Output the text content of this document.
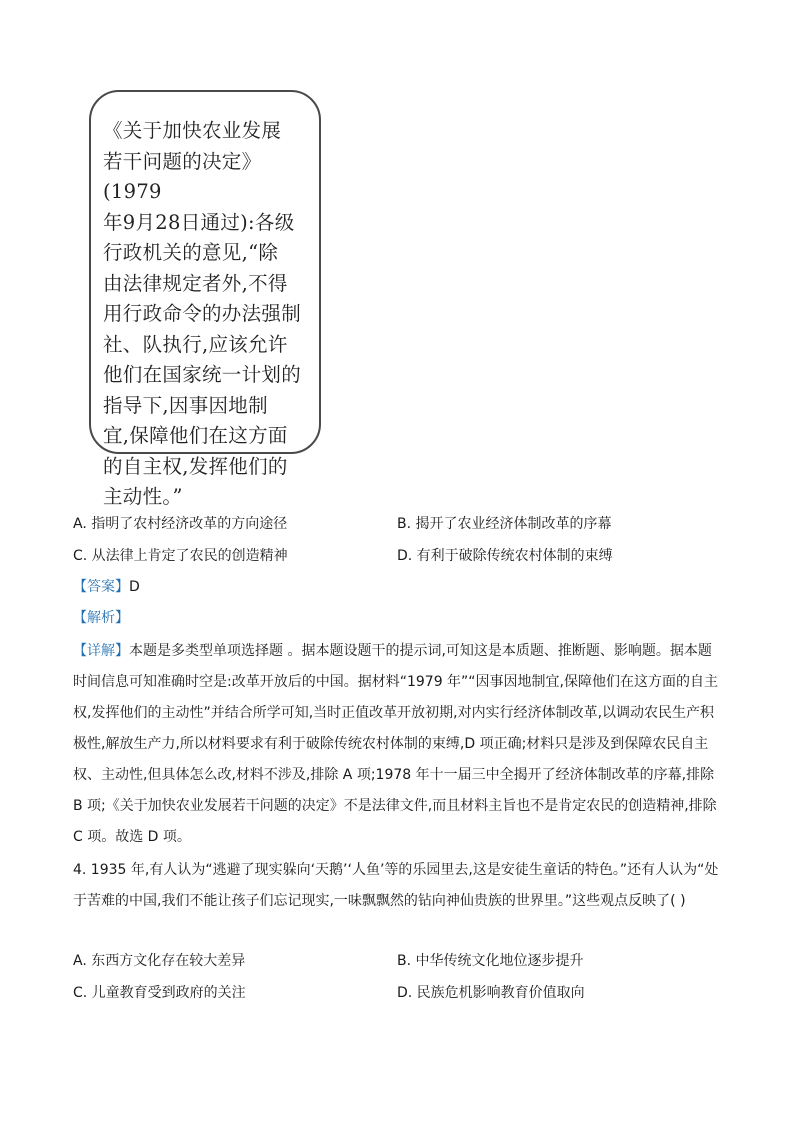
《关于加快农业发展
若干问题的决定》(1979
年9月28日通过):各级
行政机关的意见,“除
由法律规定者外,不得
用行政命令的办法强制
社、队执行,应该允许
他们在国家统一计划的
指导下,因事因地制
宜,保障他们在这方面
的自主权,发挥他们的
主动性。”

A. 指明了农村经济改革的方向途径	B. 揭开了农业经济体制改革的序幕
C. 从法律上肯定了农民的创造精神	D. 有利于破除传统农村体制的束缚
【答案】D
【解析】

【详解】本题是多类型单项选择题 。据本题设题干的提示词,可知这是本质题、推断题、影响题。据本题时间信息可知准确时空是:改革开放后的中国。据材料“1979 年”“因事因地制宜,保障他们在这方面的自主权,发挥他们的主动性”并结合所学可知,当时正值改革开放初期,对内实行经济体制改革,以调动农民生产积极性,解放生产力,所以材料要求有利于破除传统农村体制的束缚,D 项正确;材料只是涉及到保障农民自主权、主动性,但具体怎么改,材料不涉及,排除 A 项;1978 年十一届三中全揭开了经济体制改革的序幕,排除 B 项;《关于加快农业发展若干问题的决定》不是法律文件,而且材料主旨也不是肯定农民的创造精神,排除 C 项。故选 D 项。

4. 1935 年,有人认为“逃避了现实躲向‘天鹅’‘人鱼’等的乐园里去,这是安徒生童话的特色。”还有人认为“处于苦难的中国,我们不能让孩子们忘记现实,一味飘飘然的钻向神仙贵族的世界里。”这些观点反映了( )

A. 东西方文化存在较大差异	B. 中华传统文化地位逐步提升
C. 儿童教育受到政府的关注	D. 民族危机影响教育价值取向
